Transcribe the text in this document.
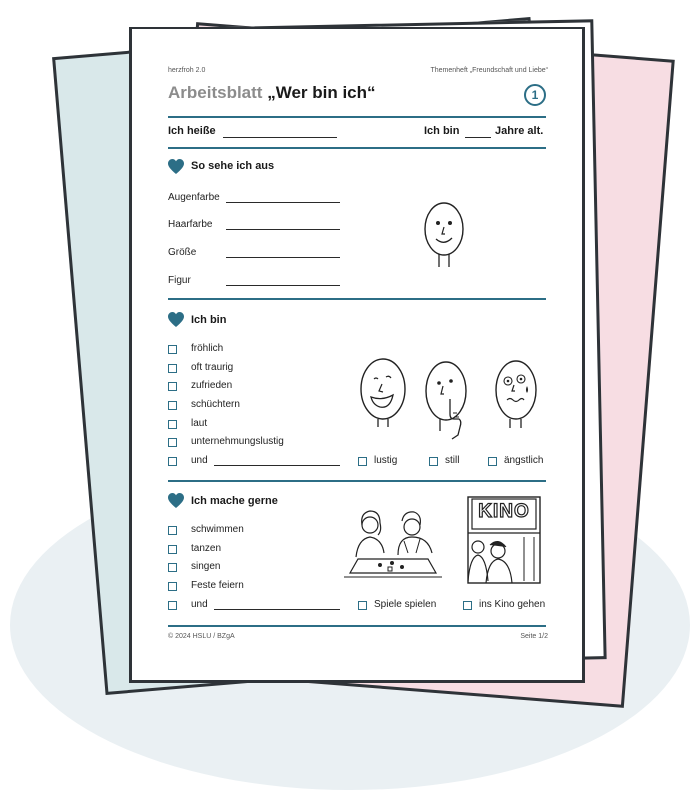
herzfroh 2.0	Themenheft „Freundschaft und Liebe“
Arbeitsblatt „Wer bin ich“	1
Ich heiße	Ich bin	Jahre alt.
So sehe ich aus
Augenfarbe
Haarfarbe
Größe
Figur
Ich bin
fröhlich
oft traurig
zufrieden
schüchtern
laut
unternehmungslustig
und	lustig	still	ängstlich
Ich mache gerne
schwimmen
tanzen
singen
Feste feiern
und
KINO
Spiele spielen	ins Kino gehen
© 2024 HSLU / BZgA	Seite 1/2
